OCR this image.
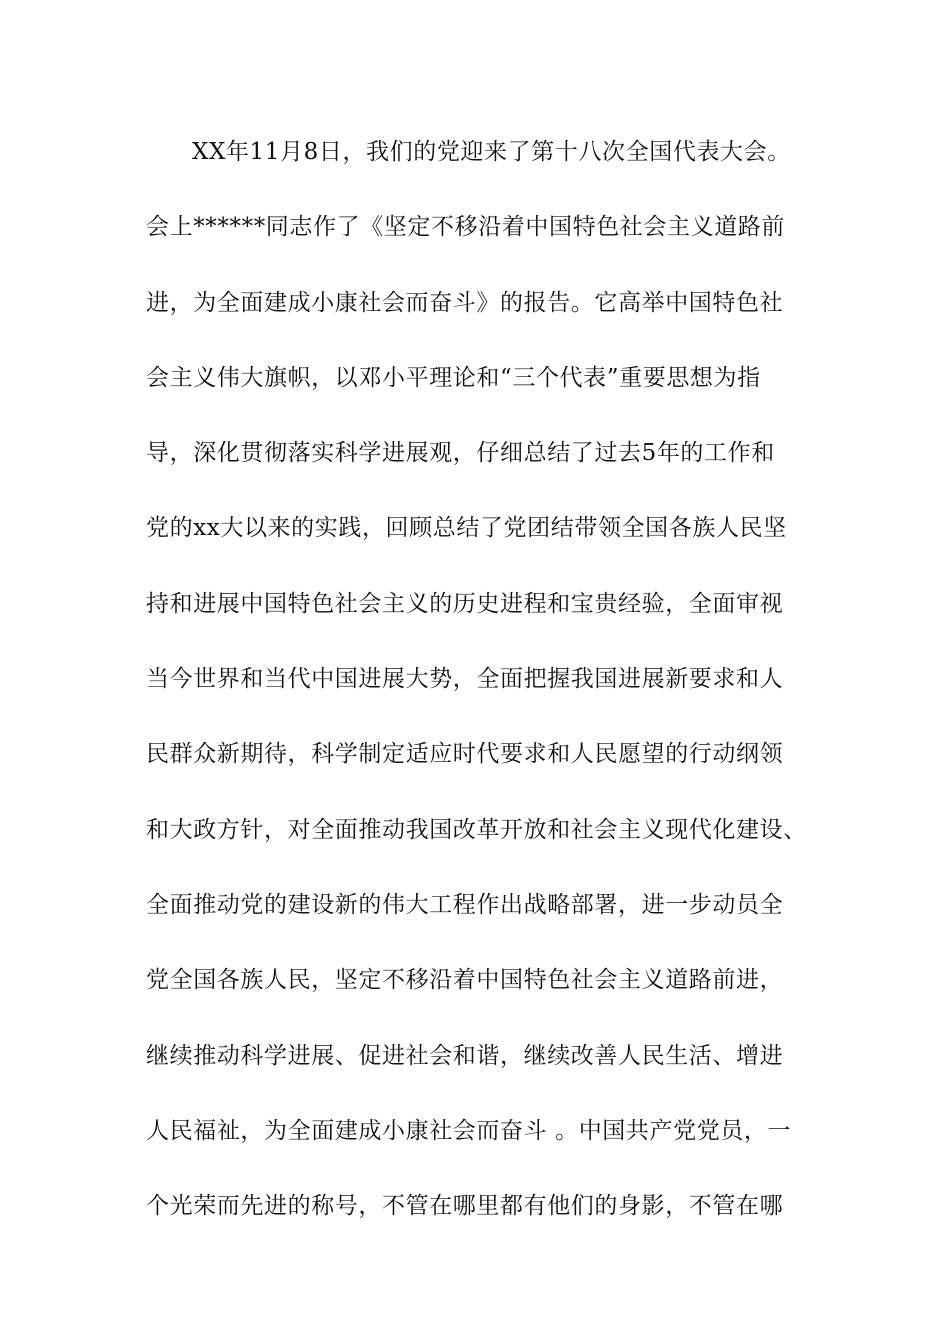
XX年11月8日，我们的党迎来了第十八次全国代表大会。
会上******同志作了《坚定不移沿着中国特色社会主义道路前
进，为全面建成小康社会而奋斗》的报告。它高举中国特色社
会主义伟大旗帜，以邓小平理论和“三个代表”重要思想为指
导，深化贯彻落实科学进展观，仔细总结了过去5年的工作和
党的xx大以来的实践，回顾总结了党团结带领全国各族人民坚
持和进展中国特色社会主义的历史进程和宝贵经验，全面审视
当今世界和当代中国进展大势，全面把握我国进展新要求和人
民群众新期待，科学制定适应时代要求和人民愿望的行动纲领
和大政方针，对全面推动我国改革开放和社会主义现代化建设、
全面推动党的建设新的伟大工程作出战略部署，进一步动员全
党全国各族人民，坚定不移沿着中国特色社会主义道路前进，
继续推动科学进展、促进社会和谐，继续改善人民生活、增进
人民福祉，为全面建成小康社会而奋斗 。中国共产党党员，一
个光荣而先进的称号，不管在哪里都有他们的身影，不管在哪
